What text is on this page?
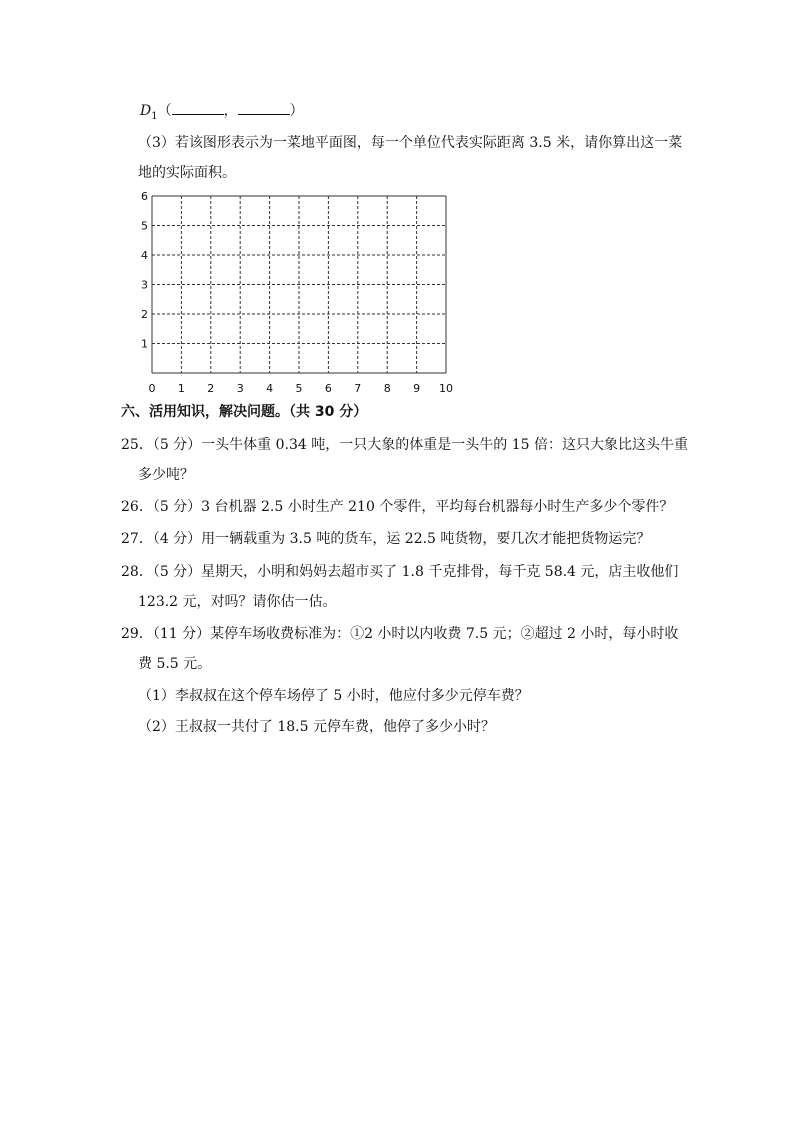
$D_1$（	，	）
（3）若该图形表示为一菜地平面图，每一个单位代表实际距离 3.5 米，请你算出这一菜
地的实际面积。
0 1 2 3 4 5 6 7 8 9 10
1
2
3
4
5
6
六、活用知识，解决问题。（共 30 分）
25．（5 分）一头牛体重 0.34 吨，一只大象的体重是一头牛的 15 倍：这只大象比这头牛重
多少吨？
26．（5 分）3 台机器 2.5 小时生产 210 个零件，平均每台机器每小时生产多少个零件？
27．（4 分）用一辆载重为 3.5 吨的货车，运 22.5 吨货物，要几次才能把货物运完？
28．（5 分）星期天，小明和妈妈去超市买了 1.8 千克排骨，每千克 58.4 元，店主收他们
123.2 元，对吗？请你估一估。
29．（11 分）某停车场收费标准为：①2 小时以内收费 7.5 元；②超过 2 小时，每小时收
费 5.5 元。
（1）李叔叔在这个停车场停了 5 小时，他应付多少元停车费？
（2）王叔叔一共付了 18.5 元停车费，他停了多少小时？
